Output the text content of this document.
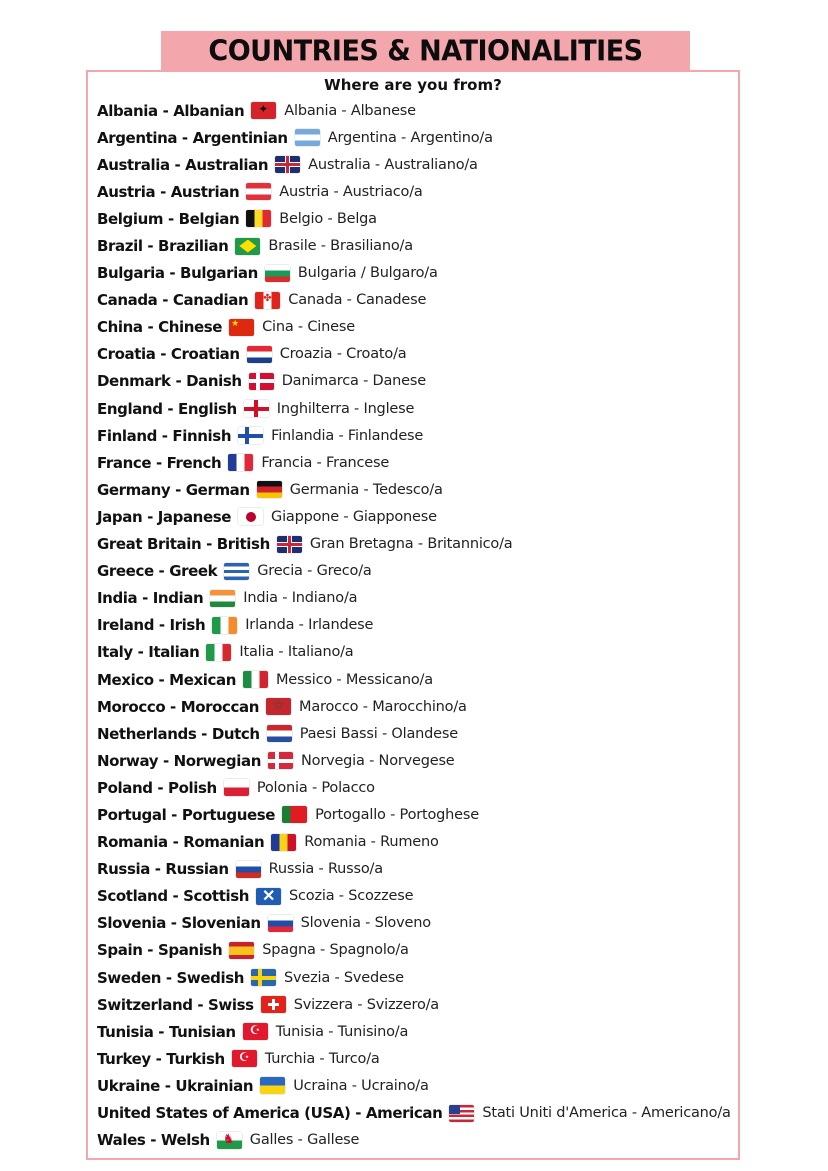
COUNTRIES & NATIONALITIES
Where are you from?
Albania - Albanian ✦ Albania - Albanese
Argentina - Argentinian	Argentina - Argentino/a
Australia - Australian	Australia - Australiano/a
Austria - Austrian	Austria - Austriaco/a
Belgium - Belgian	Belgio - Belga
Brazil - Brazilian	Brasile - Brasiliano/a
Bulgaria - Bulgarian	Bulgaria / Bulgaro/a
Canada - Canadian ✤ Canada - Canadese
China - Chinese ★ Cina - Cinese
Croatia - Croatian	Croazia - Croato/a
Denmark - Danish	Danimarca - Danese
England - English	Inghilterra - Inglese
Finland - Finnish	Finlandia - Finlandese
France - French	Francia - Francese
Germany - German	Germania - Tedesco/a
Japan - Japanese	Giappone - Giapponese
Great Britain - British	Gran Bretagna - Britannico/a
Greece - Greek	Grecia - Greco/a
India - Indian	India - Indiano/a
Ireland - Irish	Irlanda - Irlandese
Italy - Italian	Italia - Italiano/a
Mexico - Mexican	Messico - Messicano/a
Morocco - Moroccan ☆ Marocco - Marocchino/a
Netherlands - Dutch	Paesi Bassi - Olandese
Norway - Norwegian	Norvegia - Norvegese
Poland - Polish	Polonia - Polacco
Portugal - Portuguese	Portogallo - Portoghese
Romania - Romanian	Romania - Rumeno
Russia - Russian	Russia - Russo/a
Scotland - Scottish ✕ Scozia - Scozzese
Slovenia - Slovenian	Slovenia - Sloveno
Spain - Spanish	Spagna - Spagnolo/a
Sweden - Swedish	Svezia - Svedese
Switzerland - Swiss	Svizzera - Svizzero/a
Tunisia - Tunisian ☪ Tunisia - Tunisino/a
Turkey - Turkish ☪ Turchia - Turco/a
Ukraine - Ukrainian	Ucraina - Ucraino/a
United States of America (USA) - American	Stati Uniti d'America - Americano/a
Wales - Welsh ♞ Galles - Gallese
